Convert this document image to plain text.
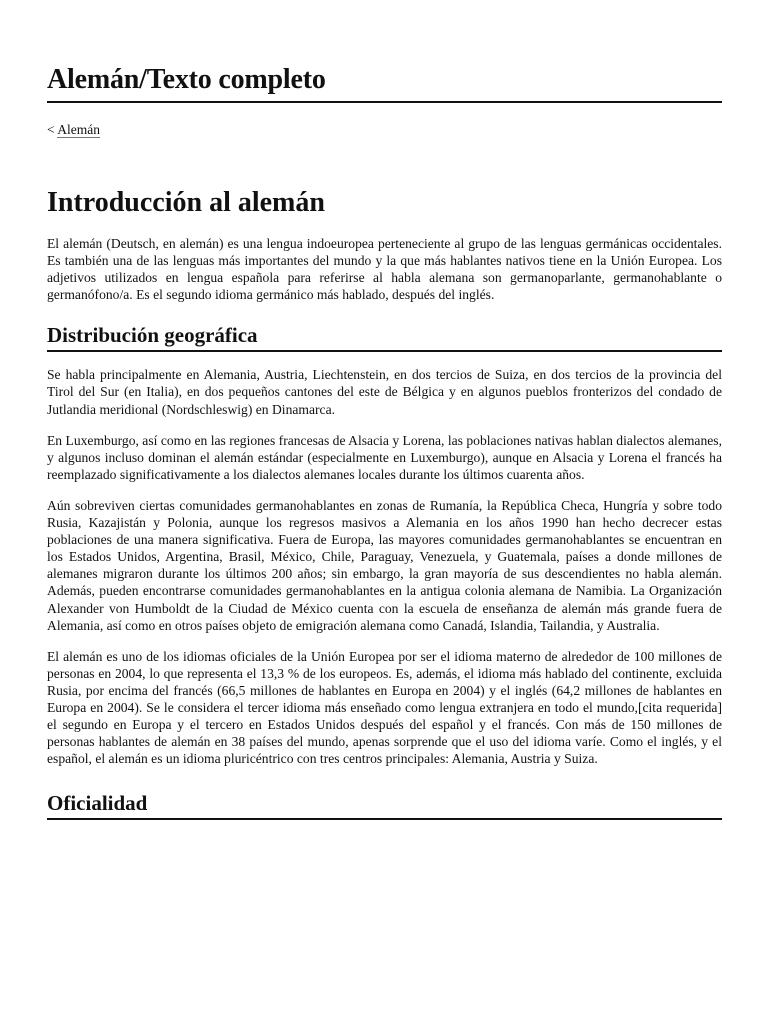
Alemán/Texto completo
< Alemán
Introducción al alemán

El alemán (Deutsch, en alemán) es una lengua indoeuropea perteneciente al grupo de las lenguas germánicas occidentales. Es también una de las lenguas más importantes del mundo y la que más hablantes nativos tiene en la Unión Europea. Los adjetivos utilizados en lengua española para referirse al habla alemana son germanoparlante, germanohablante o germanófono/a. Es el segundo idioma germánico más hablado, después del inglés.

Distribución geográfica

Se habla principalmente en Alemania, Austria, Liechtenstein, en dos tercios de Suiza, en dos tercios de la provincia del Tirol del Sur (en Italia), en dos pequeños cantones del este de Bélgica y en algunos pueblos fronterizos del condado de Jutlandia meridional (Nordschleswig) en Dinamarca.

En Luxemburgo, así como en las regiones francesas de Alsacia y Lorena, las poblaciones nativas hablan dialectos alemanes, y algunos incluso dominan el alemán estándar (especialmente en Luxemburgo), aunque en Alsacia y Lorena el francés ha reemplazado significativamente a los dialectos alemanes locales durante los últimos cuarenta años.

Aún sobreviven ciertas comunidades germanohablantes en zonas de Rumanía, la República Checa, Hungría y sobre todo Rusia, Kazajistán y Polonia, aunque los regresos masivos a Alemania en los años 1990 han hecho decrecer estas poblaciones de una manera significativa. Fuera de Europa, las mayores comunidades germanohablantes se encuentran en los Estados Unidos, Argentina, Brasil, México, Chile, Paraguay, Venezuela, y Guatemala, países a donde millones de alemanes migraron durante los últimos 200 años; sin embargo, la gran mayoría de sus descendientes no habla alemán. Además, pueden encontrarse comunidades germanohablantes en la antigua colonia alemana de Namibia. La Organización Alexander von Humboldt de la Ciudad de México cuenta con la escuela de enseñanza de alemán más grande fuera de Alemania, así como en otros países objeto de emigración alemana como Canadá, Islandia, Tailandia, y Australia.

El alemán es uno de los idiomas oficiales de la Unión Europea por ser el idioma materno de alrededor de 100 millones de personas en 2004, lo que representa el 13,3 % de los europeos. Es, además, el idioma más hablado del continente, excluida Rusia, por encima del francés (66,5 millones de hablantes en Europa en 2004) y el inglés (64,2 millones de hablantes en Europa en 2004). Se le considera el tercer idioma más enseñado como lengua extranjera en todo el mundo,[cita requerida] el segundo en Europa y el tercero en Estados Unidos después del español y el francés. Con más de 150 millones de personas hablantes de alemán en 38 países del mundo, apenas sorprende que el uso del idioma varíe. Como el inglés, y el español, el alemán es un idioma pluricéntrico con tres centros principales: Alemania, Austria y Suiza.

Oficialidad
